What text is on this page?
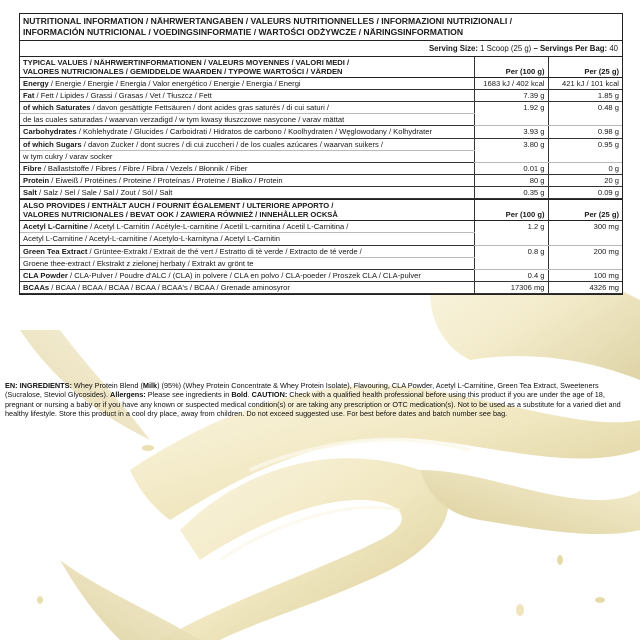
NUTRITIONAL INFORMATION / NÄHRWERTANGABEN / VALEURS NUTRITIONNELLES / INFORMAZIONI NUTRIZIONALI /
INFORMACIÓN NUTRICIONAL / VOEDINGSINFORMATIE / WARTOŚCI ODŻYWCZE / NÄRINGSINFORMATION
Serving Size: 1 Scoop (25 g) – Servings Per Bag: 40
TYPICAL VALUES / NÄHRWERTINFORMATIONEN / VALEURS MOYENNES / VALORI MEDI /
VALORES NUTRICIONALES / GEMIDDELDE WAARDEN / TYPOWE WARTOŚCI / VÄRDEN	Per (100 g)	Per (25 g)
Energy / Energie / Energie / Energia / Valor energético / Energie / Energia / Energi	1683 kJ / 402 kcal	421 kJ / 101 kcal
Fat / Fett / Lipides / Grassi / Grasas / Vet / Tłuszcz / Fett	7.39 g	1.85 g
of which Saturates / davon gesättigte Fettsäuren / dont acides gras saturés / di cui saturi /	1.92 g	0.48 g
de las cuales saturadas / waarvan verzadigd / w tym kwasy tłuszczowe nasycone / varav mättat		
Carbohydrates / Kohlehydrate / Glucides / Carboidrati / Hidratos de carbono / Koolhydraten / Węglowodany / Kolhydrater	3.93 g	0.98 g
of which Sugars / davon Zucker / dont sucres / di cui zuccheri / de los cuales azúcares / waarvan suikers /	3.80 g	0.95 g
w tym cukry / varav socker		
Fibre / Ballaststoffe / Fibres / Fibre / Fibra / Vezels / Błonnik / Fiber	0.01 g	0 g
Protein / Eiweiß / Protéines / Proteine / Proteínas / Proteïne / Białko / Protein	80 g	20 g
Salt / Salz / Sel / Sale / Sal / Zout / Sól / Salt	0.35 g	0.09 g
ALSO PROVIDES / ENTHÄLT AUCH / FOURNIT ÉGALEMENT / ULTERIORE APPORTO /
VALORES NUTRICIONALES / BEVAT OOK / ZAWIERA RÓWNIEŻ / INNEHÅLLER OCKSÅ	Per (100 g)	Per (25 g)
Acetyl L-Carnitine / Acetyl L-Carnitin / Acétyle-L-carnitine / Acetil L-carnitina / Acetil L-Carnitina /	1.2 g	300 mg
Acetyl L-Carnitine / Acetyl-L-carnitine / Acetylo-L-karnityna / Acetyl L-Carnitin		
Green Tea Extract / Grüntee-Extrakt / Extrait de thé vert / Estratto di tè verde / Extracto de té verde /	0.8 g	200 mg
Groene thee-extract / Ekstrakt z zielonej herbaty / Extrakt av grönt te		
CLA Powder / CLA-Pulver / Poudre d'ALC / (CLA) in polvere / CLA en polvo / CLA-poeder / Proszek CLA / CLA-pulver	0.4 g	100 mg
BCAAs / BCAA / BCAA / BCAA / BCAA / BCAA's / BCAA / Grenade aminosyror	17306 mg	4326 mg
EN: INGREDIENTS: Whey Protein Blend (Milk) (95%) (Whey Protein Concentrate & Whey Protein Isolate), Flavouring, CLA Powder, Acetyl L-Carnitine, Green Tea Extract, Sweeteners (Sucralose, Steviol Glycosides). Allergens: Please see ingredients in Bold. CAUTION: Check with a qualified health professional before using this product if you are under the age of 18, pregnant or nursing a baby or if you have any known or suspected medical condition(s) or are taking any prescription or OTC medication(s). Not to be used as a substitute for a varied diet and healthy lifestyle. Store this product in a cool dry place, away from children. Do not exceed suggested use. For best before dates and batch number see bag.
